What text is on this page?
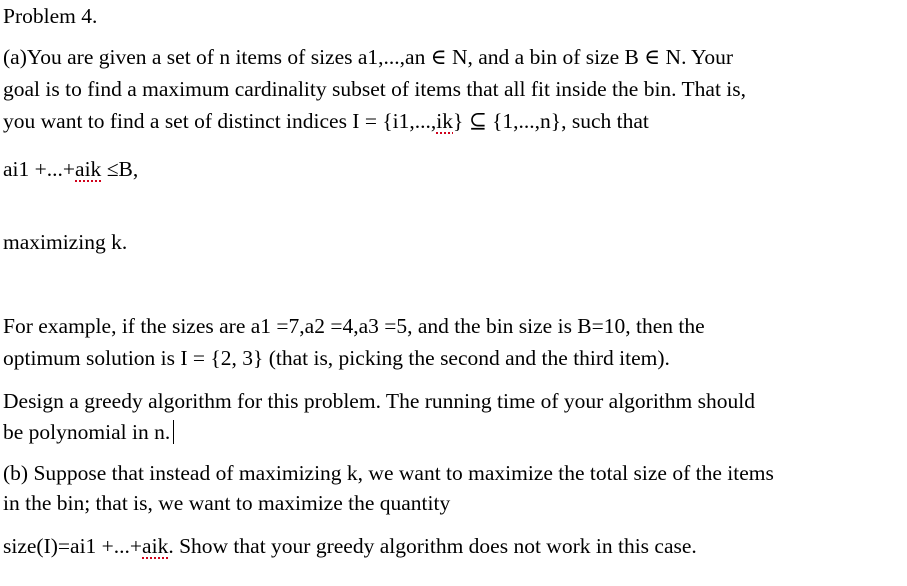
Problem 4.
(a)You are given a set of n items of sizes a1,...,an ∈ N, and a bin of size B ∈ N. Your
goal is to find a maximum cardinality subset of items that all fit inside the bin. That is,
you want to find a set of distinct indices I = {i1,...,ik} ⊆ {1,...,n}, such that
ai1 +...+aik ≤B,
maximizing k.
For example, if the sizes are a1 =7,a2 =4,a3 =5, and the bin size is B=10, then the
optimum solution is I = {2, 3} (that is, picking the second and the third item).
Design a greedy algorithm for this problem. The running time of your algorithm should
be polynomial in n.
(b) Suppose that instead of maximizing k, we want to maximize the total size of the items
in the bin; that is, we want to maximize the quantity
size(I)=ai1 +...+aik. Show that your greedy algorithm does not work in this case.
